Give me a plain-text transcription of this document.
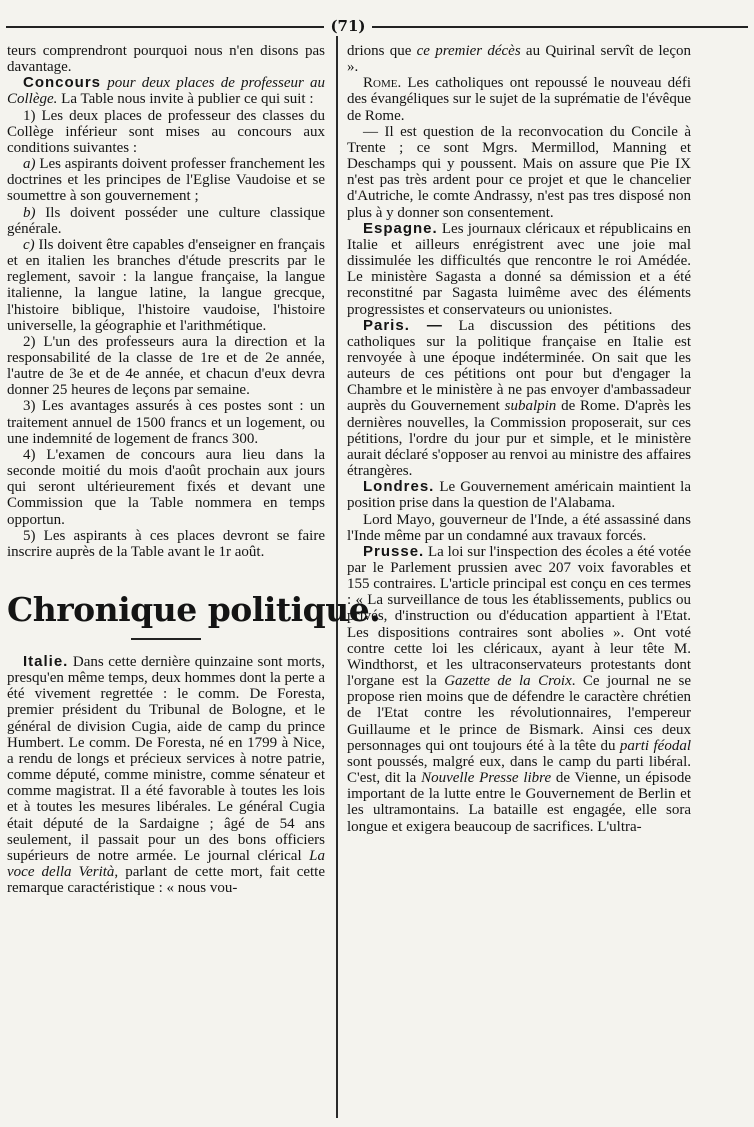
(71)

teurs comprendront pourquoi nous n'en disons pas davantage.

Concours pour deux places de professeur au Collège. La Table nous invite à publier ce qui suit :

1) Les deux places de professeur des classes du Collège inférieur sont mises au concours aux conditions suivantes :

a) Les aspirants doivent professer franchement les doctrines et les principes de l'Eglise Vaudoise et se soumettre à son gouvernement ;

b) Ils doivent posséder une culture classique générale.

c) Ils doivent être capables d'enseigner en français et en italien les branches d'étude prescrits par le reglement, savoir : la langue française, la langue italienne, la langue latine, la langue grecque, l'histoire biblique, l'histoire vaudoise, l'histoire universelle, la géographie et l'arithmétique.

2) L'un des professeurs aura la direction et la responsabilité de la classe de 1re et de 2e année, l'autre de 3e et de 4e année, et chacun d'eux devra donner 25 heures de leçons par semaine.

3) Les avantages assurés à ces postes sont : un traitement annuel de 1500 francs et un logement, ou une indemnité de logement de francs 300.

4) L'examen de concours aura lieu dans la seconde moitié du mois d'août prochain aux jours qui seront ultérieurement fixés et devant une Commission que la Table nommera en temps opportun.

5) Les aspirants à ces places devront se faire inscrire auprès de la Table avant le 1r août.

Chronique politique.

Italie. Dans cette dernière quinzaine sont morts, presqu'en même temps, deux hommes dont la perte a été vivement regrettée : le comm. De Foresta, premier président du Tribunal de Bologne, et le général de division Cugia, aide de camp du prince Humbert. Le comm. De Foresta, né en 1799 à Nice, a rendu de longs et précieux services à notre patrie, comme député, comme ministre, comme sénateur et comme magistrat. Il a été favorable à toutes les lois et à toutes les mesures libérales. Le général Cugia était député de la Sardaigne ; âgé de 54 ans seulement, il passait pour un des bons officiers supérieurs de notre armée. Le journal clérical La voce della Verità, parlant de cette mort, fait cette remarque caractéristique : « nous vou-

drions que ce premier décès au Quirinal servît de leçon ».

Rome. Les catholiques ont repoussé le nouveau défi des évangéliques sur le sujet de la suprématie de l'évêque de Rome.

— Il est question de la reconvocation du Concile à Trente ; ce sont Mgrs. Mermillod, Manning et Deschamps qui y poussent. Mais on assure que Pie IX n'est pas très ardent pour ce projet et que le chancelier d'Autriche, le comte Andrassy, n'est pas tres disposé non plus à y donner son consentement.

Espagne. Les journaux cléricaux et républicains en Italie et ailleurs enrégistrent avec une joie mal dissimulée les difficultés que rencontre le roi Amédée. Le ministère Sagasta a donné sa démission et a été reconstitné par Sagasta luimême avec des éléments progressistes et conservateurs ou unionistes.

Paris. — La discussion des pétitions des catholiques sur la politique française en Italie est renvoyée à une époque indéterminée. On sait que les auteurs de ces pétitions ont pour but d'engager la Chambre et le ministère à ne pas envoyer d'ambassadeur auprès du Gouvernement subalpin de Rome. D'après les dernières nouvelles, la Commission proposerait, sur ces pétitions, l'ordre du jour pur et simple, et le ministère aurait déclaré s'opposer au renvoi au ministre des affaires étrangères.

Londres. Le Gouvernement américain maintient la position prise dans la question de l'Alabama.

Lord Mayo, gouverneur de l'Inde, a été assassiné dans l'Inde même par un condamné aux travaux forcés.

Prusse. La loi sur l'inspection des écoles a été votée par le Parlement prussien avec 207 voix favorables et 155 contraires. L'article principal est conçu en ces termes : « La surveillance de tous les établissements, publics ou privés, d'instruction ou d'éducation appartient à l'Etat. Les dispositions contraires sont abolies ». Ont voté contre cette loi les cléricaux, ayant à leur tête M. Windthorst, et les ultraconservateurs protestants dont l'organe est la Gazette de la Croix. Ce journal ne se propose rien moins que de défendre le caractère chrétien de l'Etat contre les révolutionnaires, l'empereur Guillaume et le prince de Bismark. Ainsi ces deux personnages qui ont toujours été à la tête du parti féodal sont poussés, malgré eux, dans le camp du parti libéral. C'est, dit la Nouvelle Presse libre de Vienne, un épisode important de la lutte entre le Gouvernement de Berlin et les ultramontains. La bataille est engagée, elle sora longue et exigera beaucoup de sacrifices. L'ultra-
